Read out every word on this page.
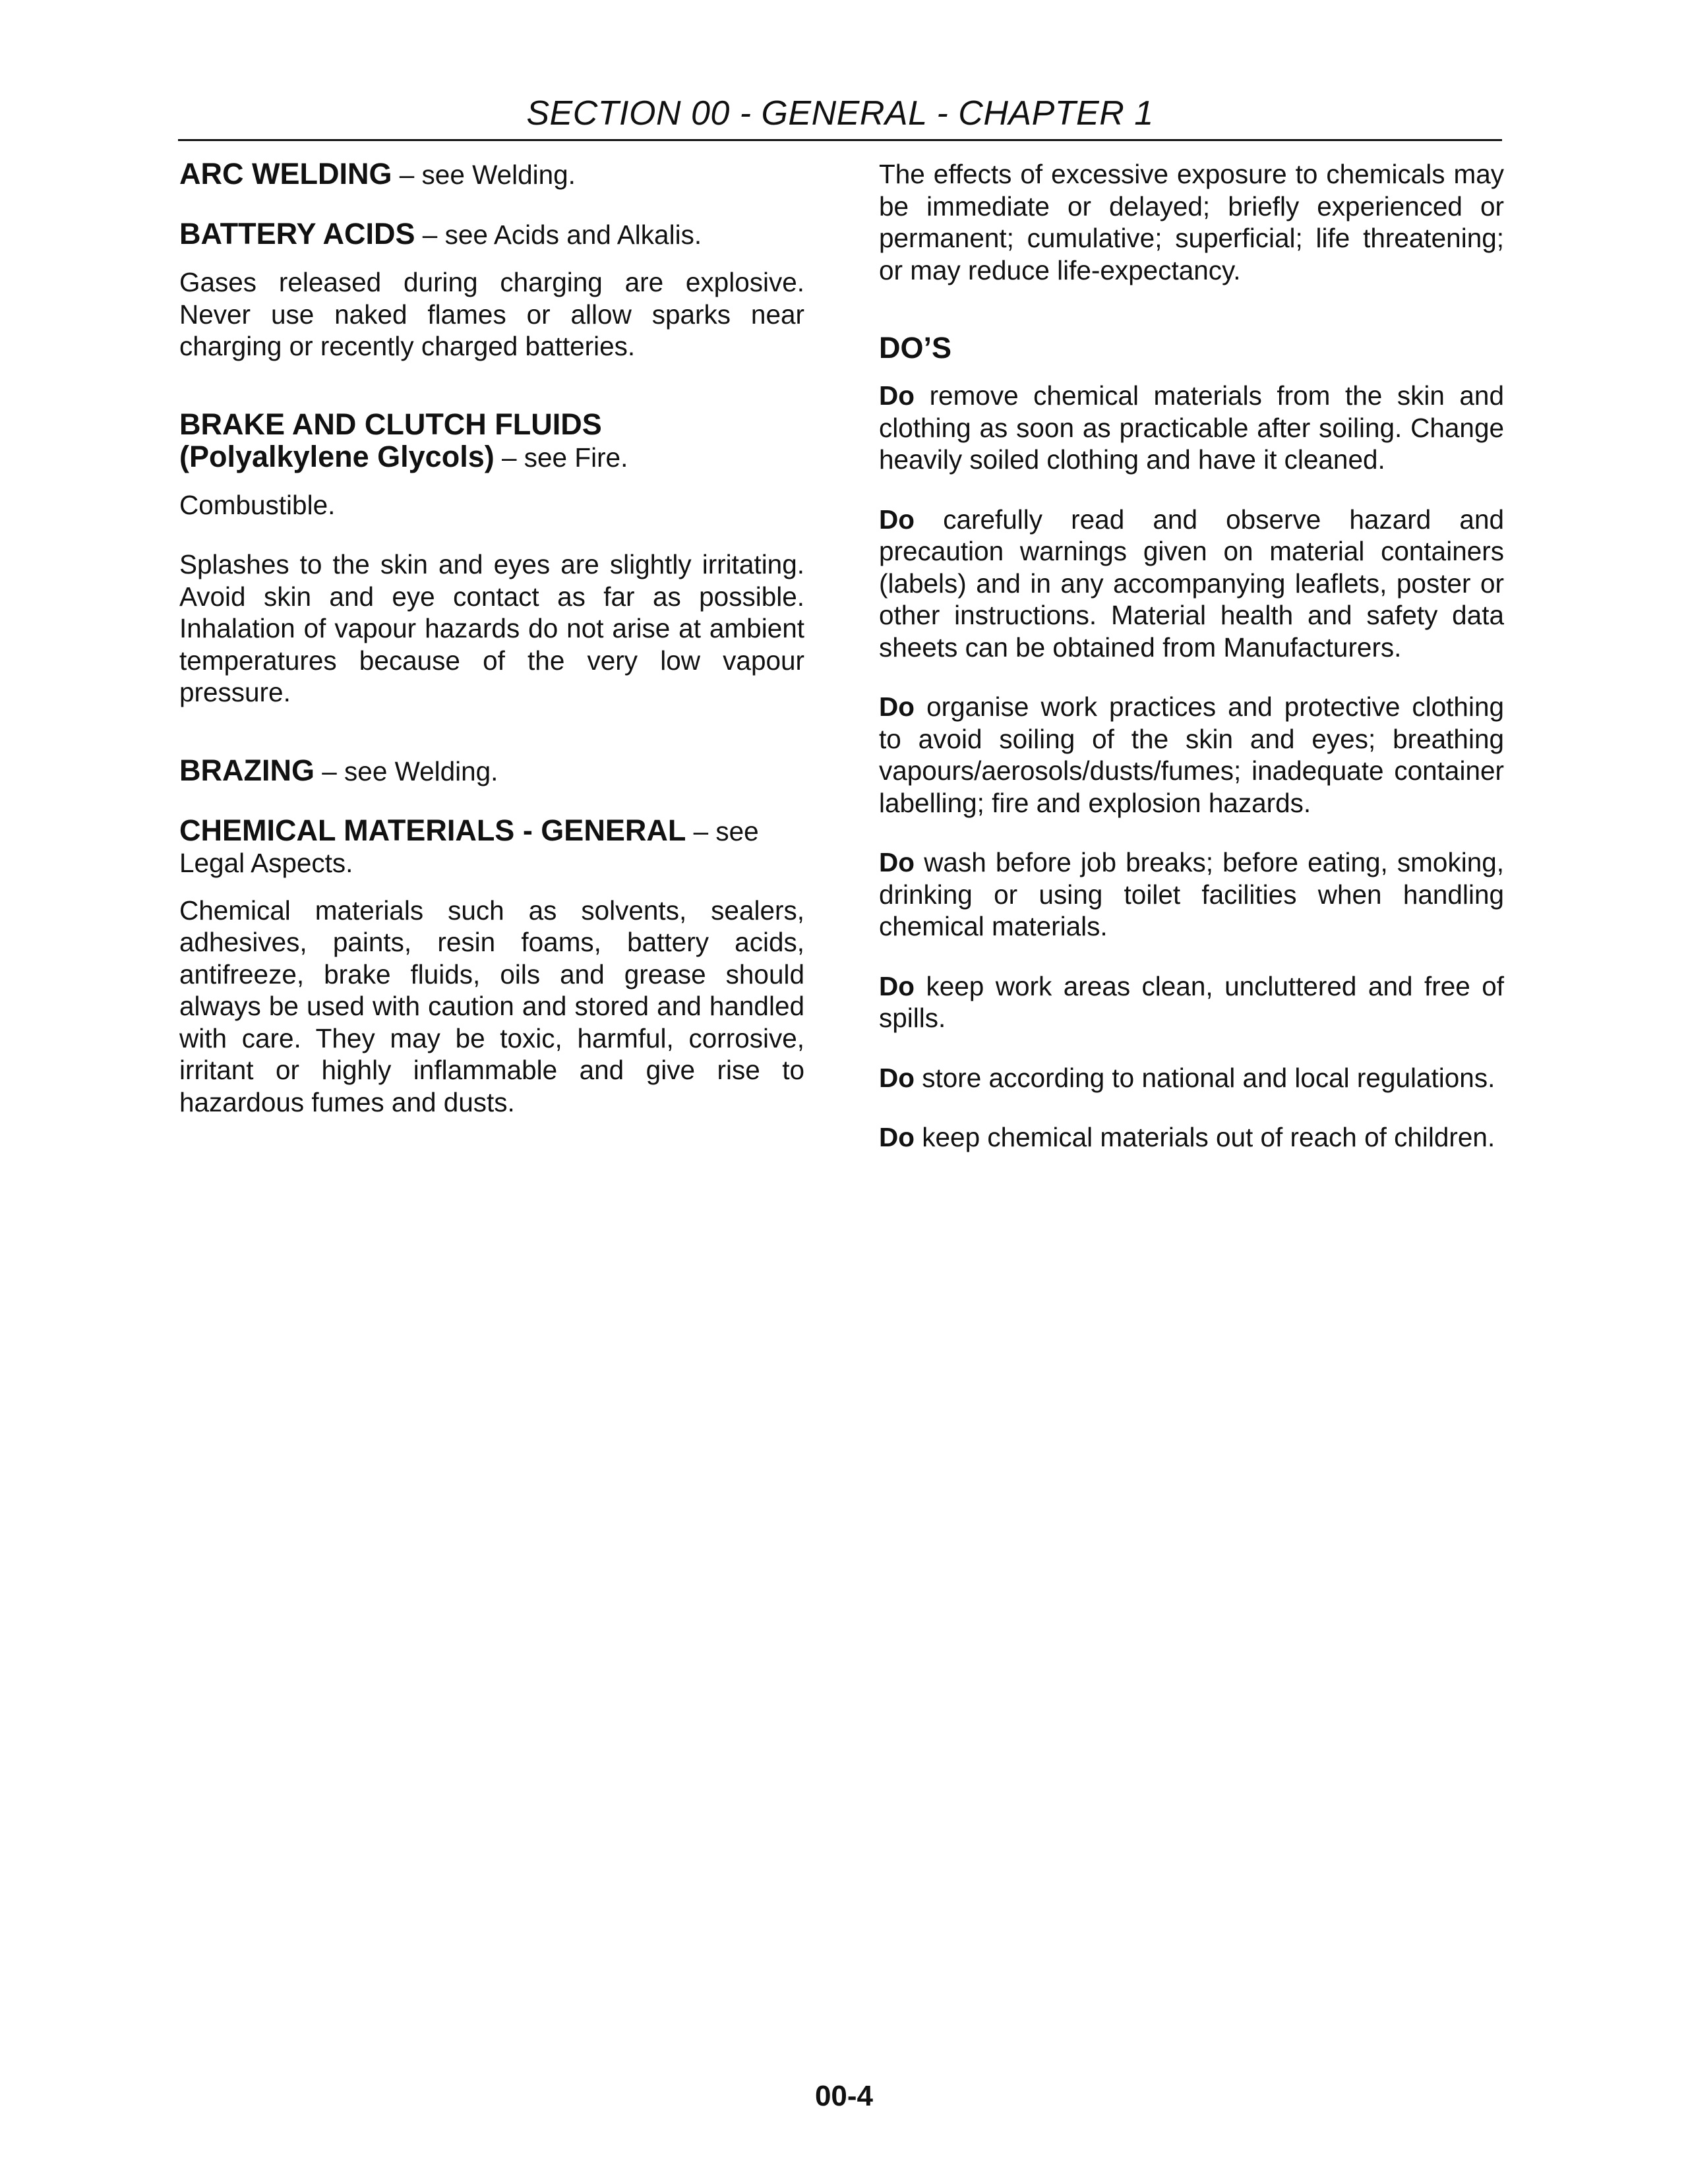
SECTION 00 - GENERAL - CHAPTER 1

ARC WELDING – see Welding.

BATTERY ACIDS – see Acids and Alkalis.

Gases released during charging are explosive. Never use naked flames or allow sparks near charging or recently charged batteries.

BRAKE AND CLUTCH FLUIDS
(Polyalkylene Glycols) – see Fire.

Combustible.

Splashes to the skin and eyes are slightly irritating. Avoid skin and eye contact as far as possible. Inhalation of vapour hazards do not arise at ambient temperatures because of the very low vapour pressure.

BRAZING – see Welding.

CHEMICAL MATERIALS - GENERAL – see Legal Aspects.

Chemical materials such as solvents, sealers, adhesives, paints, resin foams, battery acids, antifreeze, brake fluids, oils and grease should always be used with caution and stored and handled with care. They may be toxic, harmful, corrosive, irritant or highly inflammable and give rise to hazardous fumes and dusts.

The effects of excessive exposure to chemicals may be immediate or delayed; briefly experienced or permanent; cumulative; superficial; life threatening; or may reduce life-expectancy.

DO’S

Do remove chemical materials from the skin and clothing as soon as practicable after soiling. Change heavily soiled clothing and have it cleaned.

Do carefully read and observe hazard and precaution warnings given on material containers (labels) and in any accompanying leaflets, poster or other instructions. Material health and safety data sheets can be obtained from Manufacturers.

Do organise work practices and protective clothing to avoid soiling of the skin and eyes; breathing vapours/aerosols/dusts/fumes; inadequate container labelling; fire and explosion hazards.

Do wash before job breaks; before eating, smoking, drinking or using toilet facilities when handling chemical materials.

Do keep work areas clean, uncluttered and free of spills.

Do store according to national and local regulations.

Do keep chemical materials out of reach of children.

00-4
